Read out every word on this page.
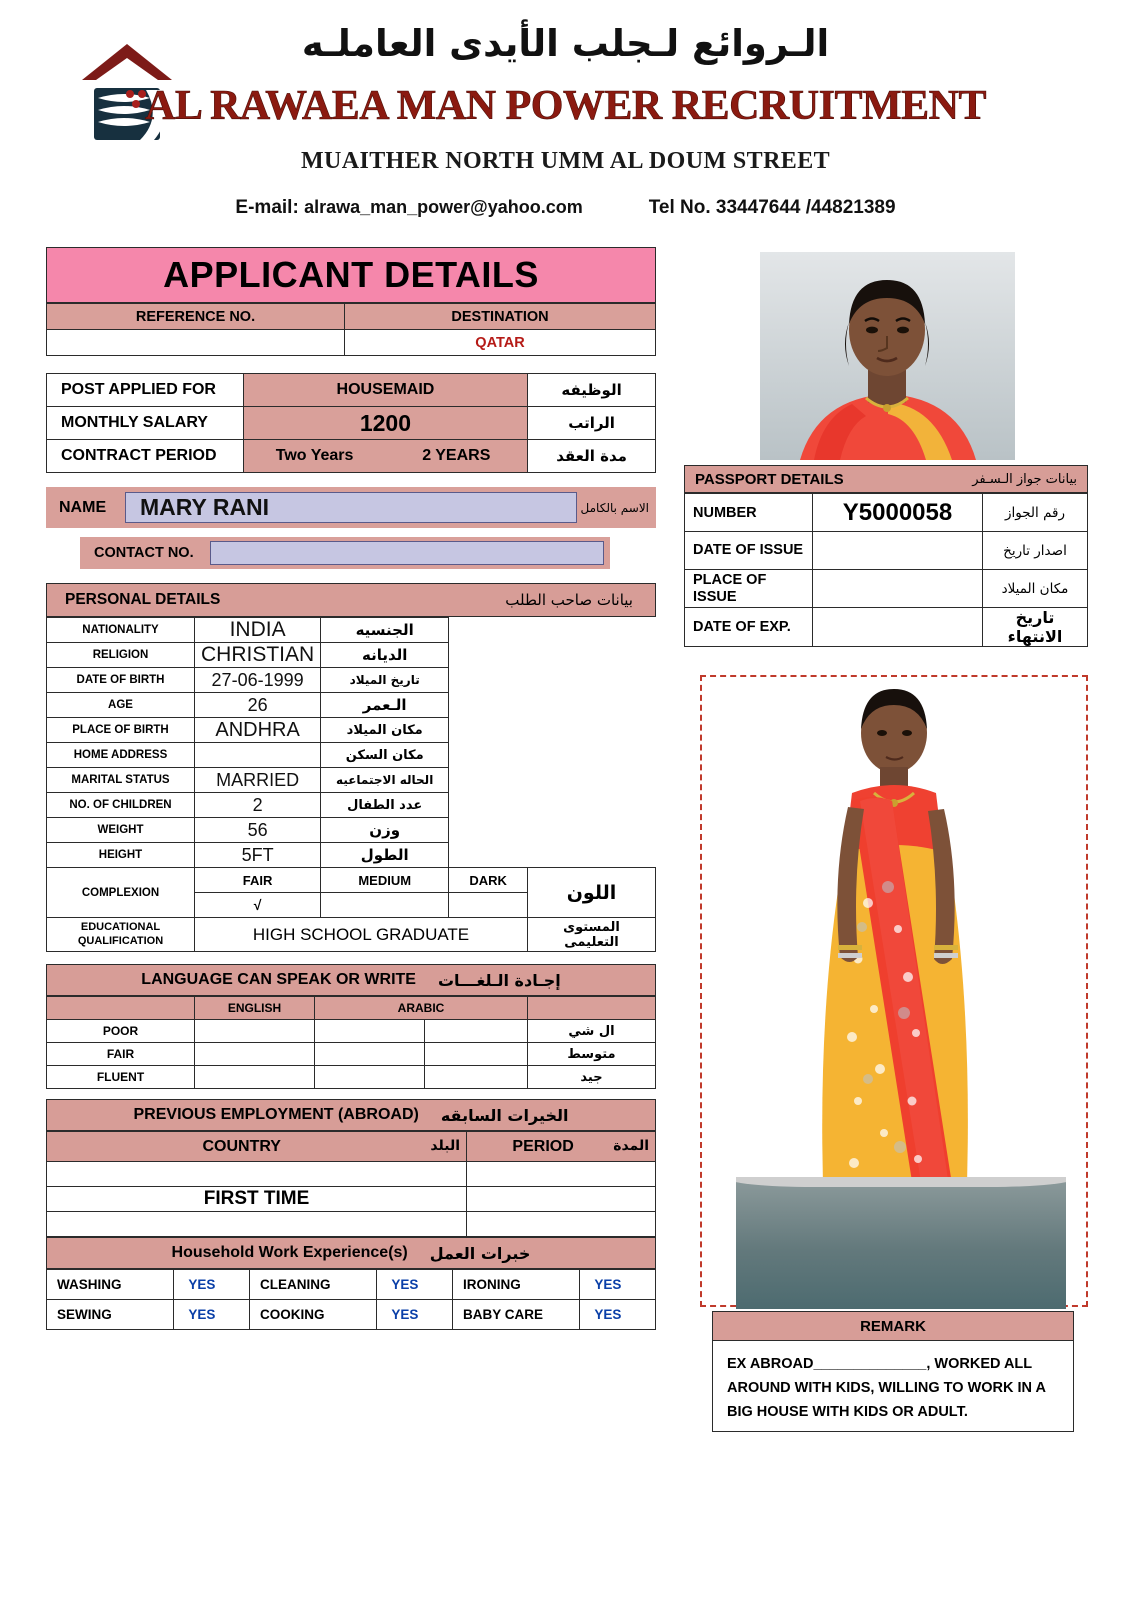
الـروائع لـجلب الأيدى العاملـه
AL RAWAEA MAN POWER RECRUITMENT
MUAITHER NORTH UMM AL DOUM STREET
E-mail: alrawa_man_power@yahoo.com	Tel No. 33447644 /44821389
APPLICANT DETAILS
REFERENCE NO.	DESTINATION
	QATAR
POST APPLIED FOR	HOUSEMAID	الوظيفه
MONTHLY SALARY	1200	الراتب
CONTRACT PERIOD	Two Years 2 YEARS	مدة العقد
NAME	MARY RANI	الاسم بالكامل
CONTACT NO.
PERSONAL DETAILS	بيانات صاحب الطلب
NATIONALITY	INDIA	الجنسيه		
RELIGION	CHRISTIAN	الديانه		
DATE OF BIRTH	27-06-1999	تاريخ الميلاد		
AGE	26	الـعمر		
PLACE OF BIRTH	ANDHRA	مكان الميلاد		
HOME ADDRESS		مكان السكن		
MARITAL STATUS	MARRIED	الحاله الاجتماعيه		
NO. OF CHILDREN	2	عدد الطفال		
WEIGHT	56	وزن		
HEIGHT	5FT	الطول		
COMPLEXION	FAIR	MEDIUM	DARK	اللون
	√			
EDUCATIONAL QUALIFICATION	HIGH SCHOOL GRADUATE			المستوى التعليمى
LANGUAGE CAN SPEAK OR WRITE إجـادة الـلغـــات
	ENGLISH	ARABIC		
POOR				ال شي
FAIR				متوسط
FLUENT				جيد
PREVIOUS EMPLOYMENT (ABROAD) الخيرات السابقه
COUNTRY البلد	PERIOD المدة

FIRST TIME	

Household Work Experience(s) خبرات العمل
WASHING	YES	CLEANING	YES	IRONING	YES
SEWING	YES	COOKING	YES	BABY CARE	YES
PASSPORT DETAILS	بيانات جواز الـسـفر
NUMBER	Y5000058	رقم الجواز
DATE OF ISSUE		اصدار تاريخ
PLACE OF ISSUE		مكان الميلاد
DATE OF EXP.		تاريخ الانتهاء
REMARK
EX ABROAD______________, WORKED ALL AROUND WITH KIDS, WILLING TO WORK IN A BIG HOUSE WITH KIDS OR ADULT.
